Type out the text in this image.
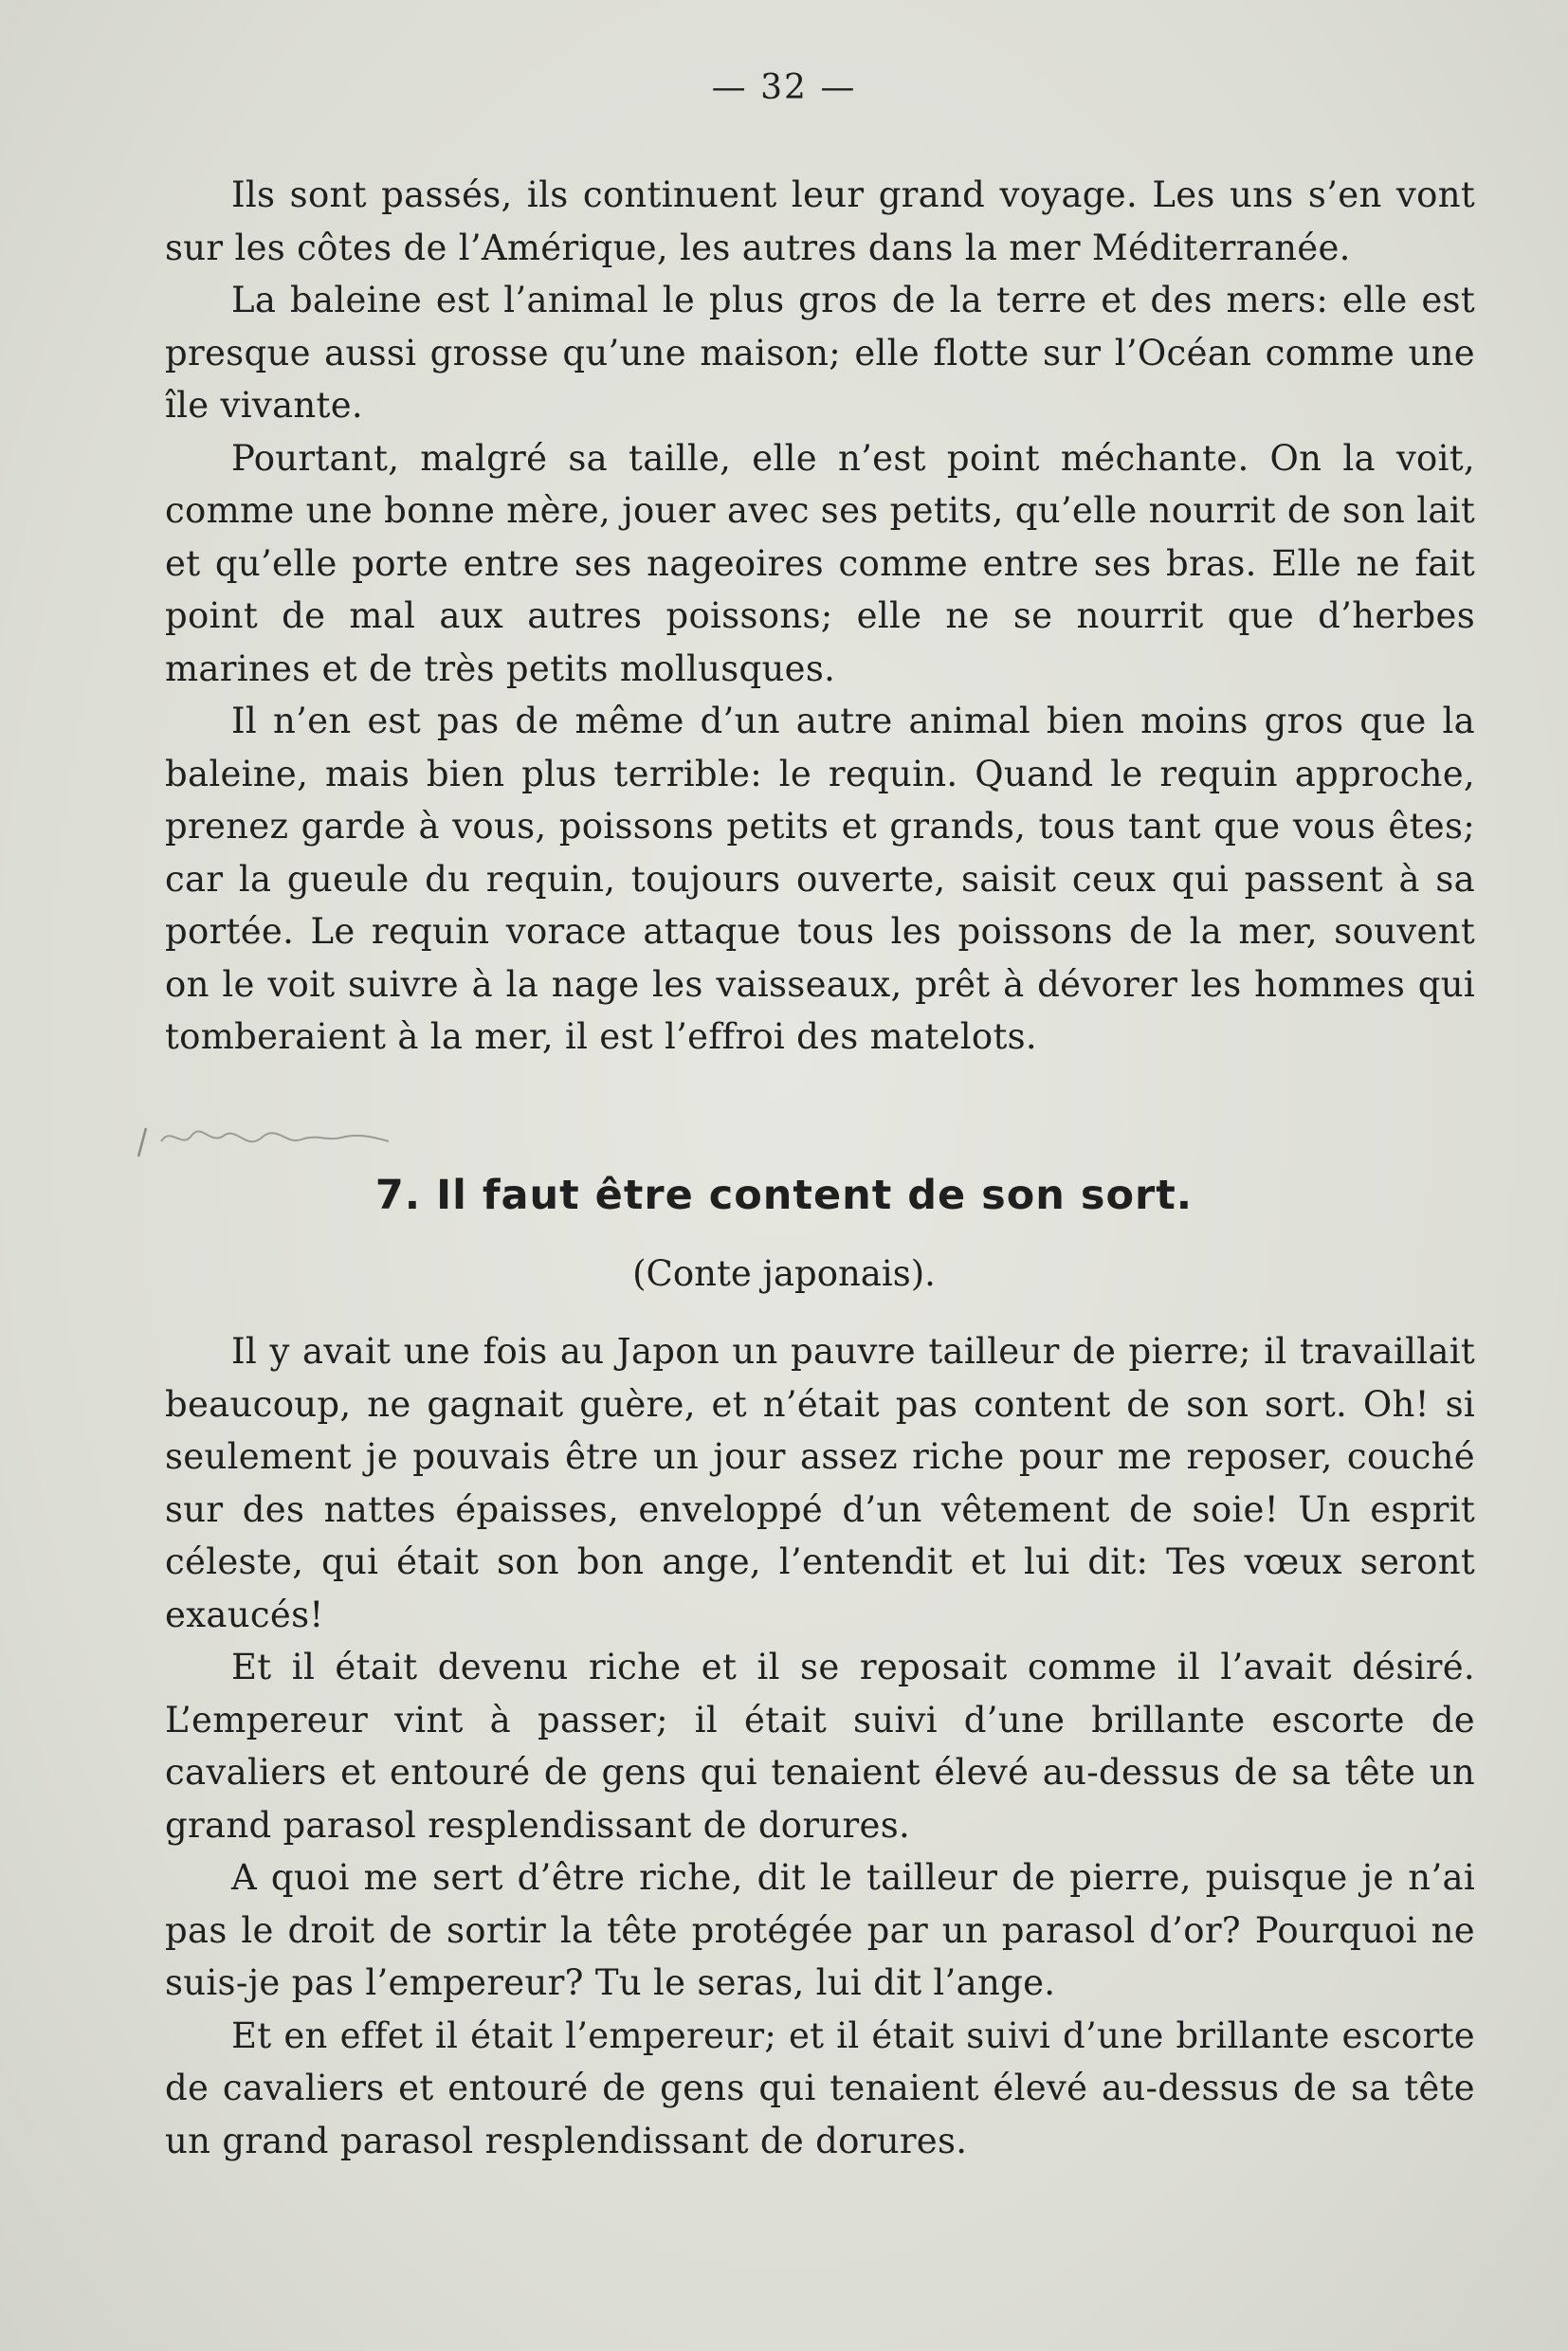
— 32 —

Ils sont passés, ils continuent leur grand voyage. Les uns s’en vont sur les côtes de l’Amérique, les autres dans la mer Méditerranée.

La baleine est l’animal le plus gros de la terre et des mers: elle est presque aussi grosse qu’une maison; elle flotte sur l’Océan comme une île vivante.

Pourtant, malgré sa taille, elle n’est point méchante. On la voit, comme une bonne mère, jouer avec ses petits, qu’elle nourrit de son lait et qu’elle porte entre ses nageoires comme entre ses bras. Elle ne fait point de mal aux autres poissons; elle ne se nourrit que d’herbes marines et de très petits mollusques.

Il n’en est pas de même d’un autre animal bien moins gros que la baleine, mais bien plus terrible: le requin. Quand le requin approche, prenez garde à vous, poissons petits et grands, tous tant que vous êtes; car la gueule du requin, toujours ouverte, saisit ceux qui passent à sa portée. Le requin vorace attaque tous les poissons de la mer, souvent on le voit suivre à la nage les vaisseaux, prêt à dévorer les hommes qui tomberaient à la mer, il est l’effroi des matelots.

7. Il faut être content de son sort.
(Conte japonais).

Il y avait une fois au Japon un pauvre tailleur de pierre; il travaillait beaucoup, ne gagnait guère, et n’était pas content de son sort. Oh! si seulement je pouvais être un jour assez riche pour me reposer, couché sur des nattes épaisses, enveloppé d’un vêtement de soie! Un esprit céleste, qui était son bon ange, l’entendit et lui dit: Tes vœux seront exaucés!

Et il était devenu riche et il se reposait comme il l’avait désiré. L’empereur vint à passer; il était suivi d’une brillante escorte de cavaliers et entouré de gens qui tenaient élevé au-dessus de sa tête un grand parasol resplendissant de dorures.

A quoi me sert d’être riche, dit le tailleur de pierre, puisque je n’ai pas le droit de sortir la tête protégée par un parasol d’or? Pourquoi ne suis-je pas l’empereur? Tu le seras, lui dit l’ange.

Et en effet il était l’empereur; et il était suivi d’une brillante escorte de cavaliers et entouré de gens qui tenaient élevé au-dessus de sa tête un grand parasol resplendissant de dorures.
